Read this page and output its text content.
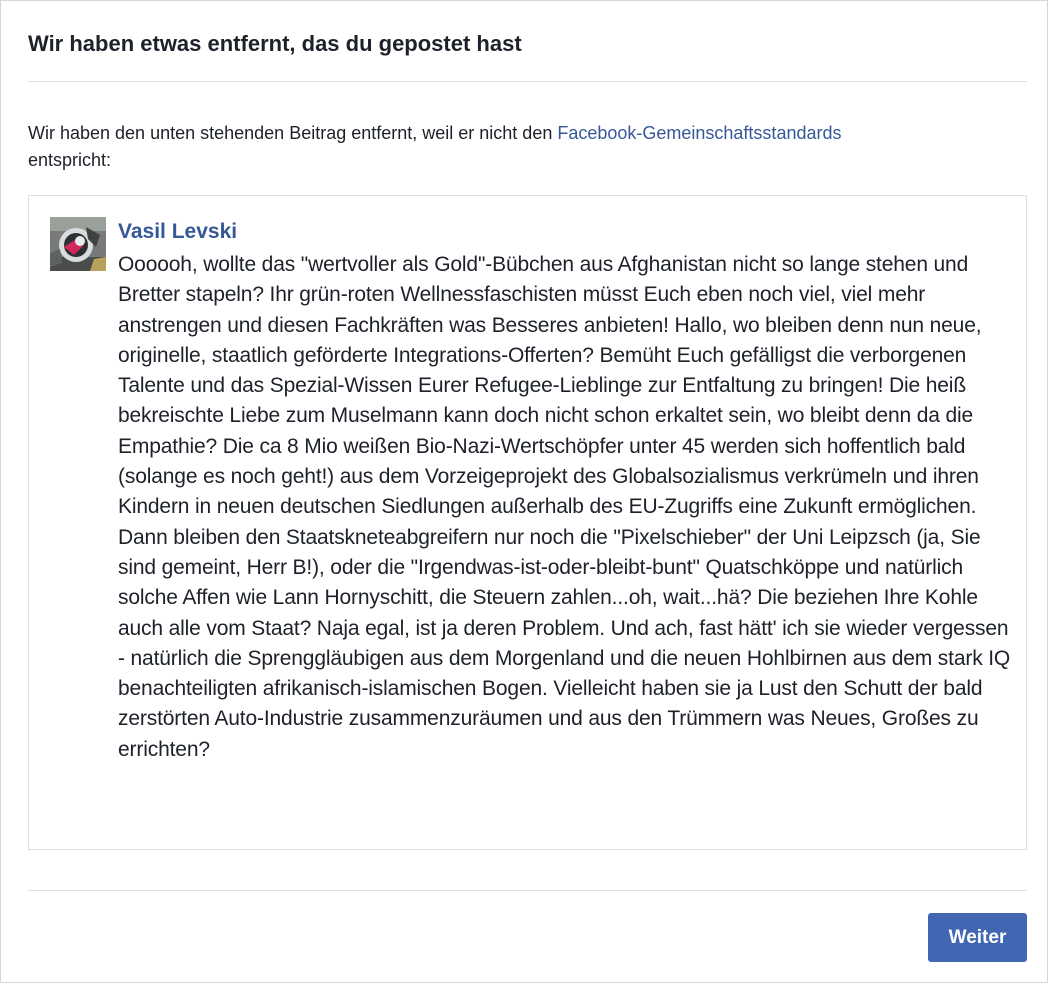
Wir haben etwas entfernt, das du gepostet hast
Wir haben den unten stehenden Beitrag entfernt, weil er nicht den Facebook-Gemeinschaftsstandards
entspricht:
Vasil Levski
Oooooh, wollte das "wertvoller als Gold"-Bübchen aus Afghanistan nicht so lange stehen und Bretter stapeln? Ihr grün-roten Wellnessfaschisten müsst Euch eben noch viel, viel mehr anstrengen und diesen Fachkräften was Besseres anbieten! Hallo, wo bleiben denn nun neue, originelle, staatlich geförderte Integrations-Offerten? Bemüht Euch gefälligst die verborgenen Talente und das Spezial-Wissen Eurer Refugee-Lieblinge zur Entfaltung zu bringen! Die heiß bekreischte Liebe zum Muselmann kann doch nicht schon erkaltet sein, wo bleibt denn da die Empathie? Die ca 8 Mio weißen Bio-Nazi-Wertschöpfer unter 45 werden sich hoffentlich bald (solange es noch geht!) aus dem Vorzeigeprojekt des Globalsozialismus verkrümeln und ihren Kindern in neuen deutschen Siedlungen außerhalb des EU-Zugriffs eine Zukunft ermöglichen. Dann bleiben den Staatskneteabgreifern nur noch die "Pixelschieber" der Uni Leipzsch (ja, Sie sind gemeint, Herr B!), oder die "Irgendwas-ist-oder-bleibt-bunt" Quatschköppe und natürlich solche Affen wie Lann Hornyschitt, die Steuern zahlen...oh, wait...hä? Die beziehen Ihre Kohle auch alle vom Staat? Naja egal, ist ja deren Problem. Und ach, fast hätt' ich sie wieder vergessen - natürlich die Sprenggläubigen aus dem Morgenland und die neuen Hohlbirnen aus dem stark IQ benachteiligten afrikanisch-islamischen Bogen. Vielleicht haben sie ja Lust den Schutt der bald zerstörten Auto-Industrie zusammenzuräumen und aus den Trümmern was Neues, Großes zu errichten?
Weiter
